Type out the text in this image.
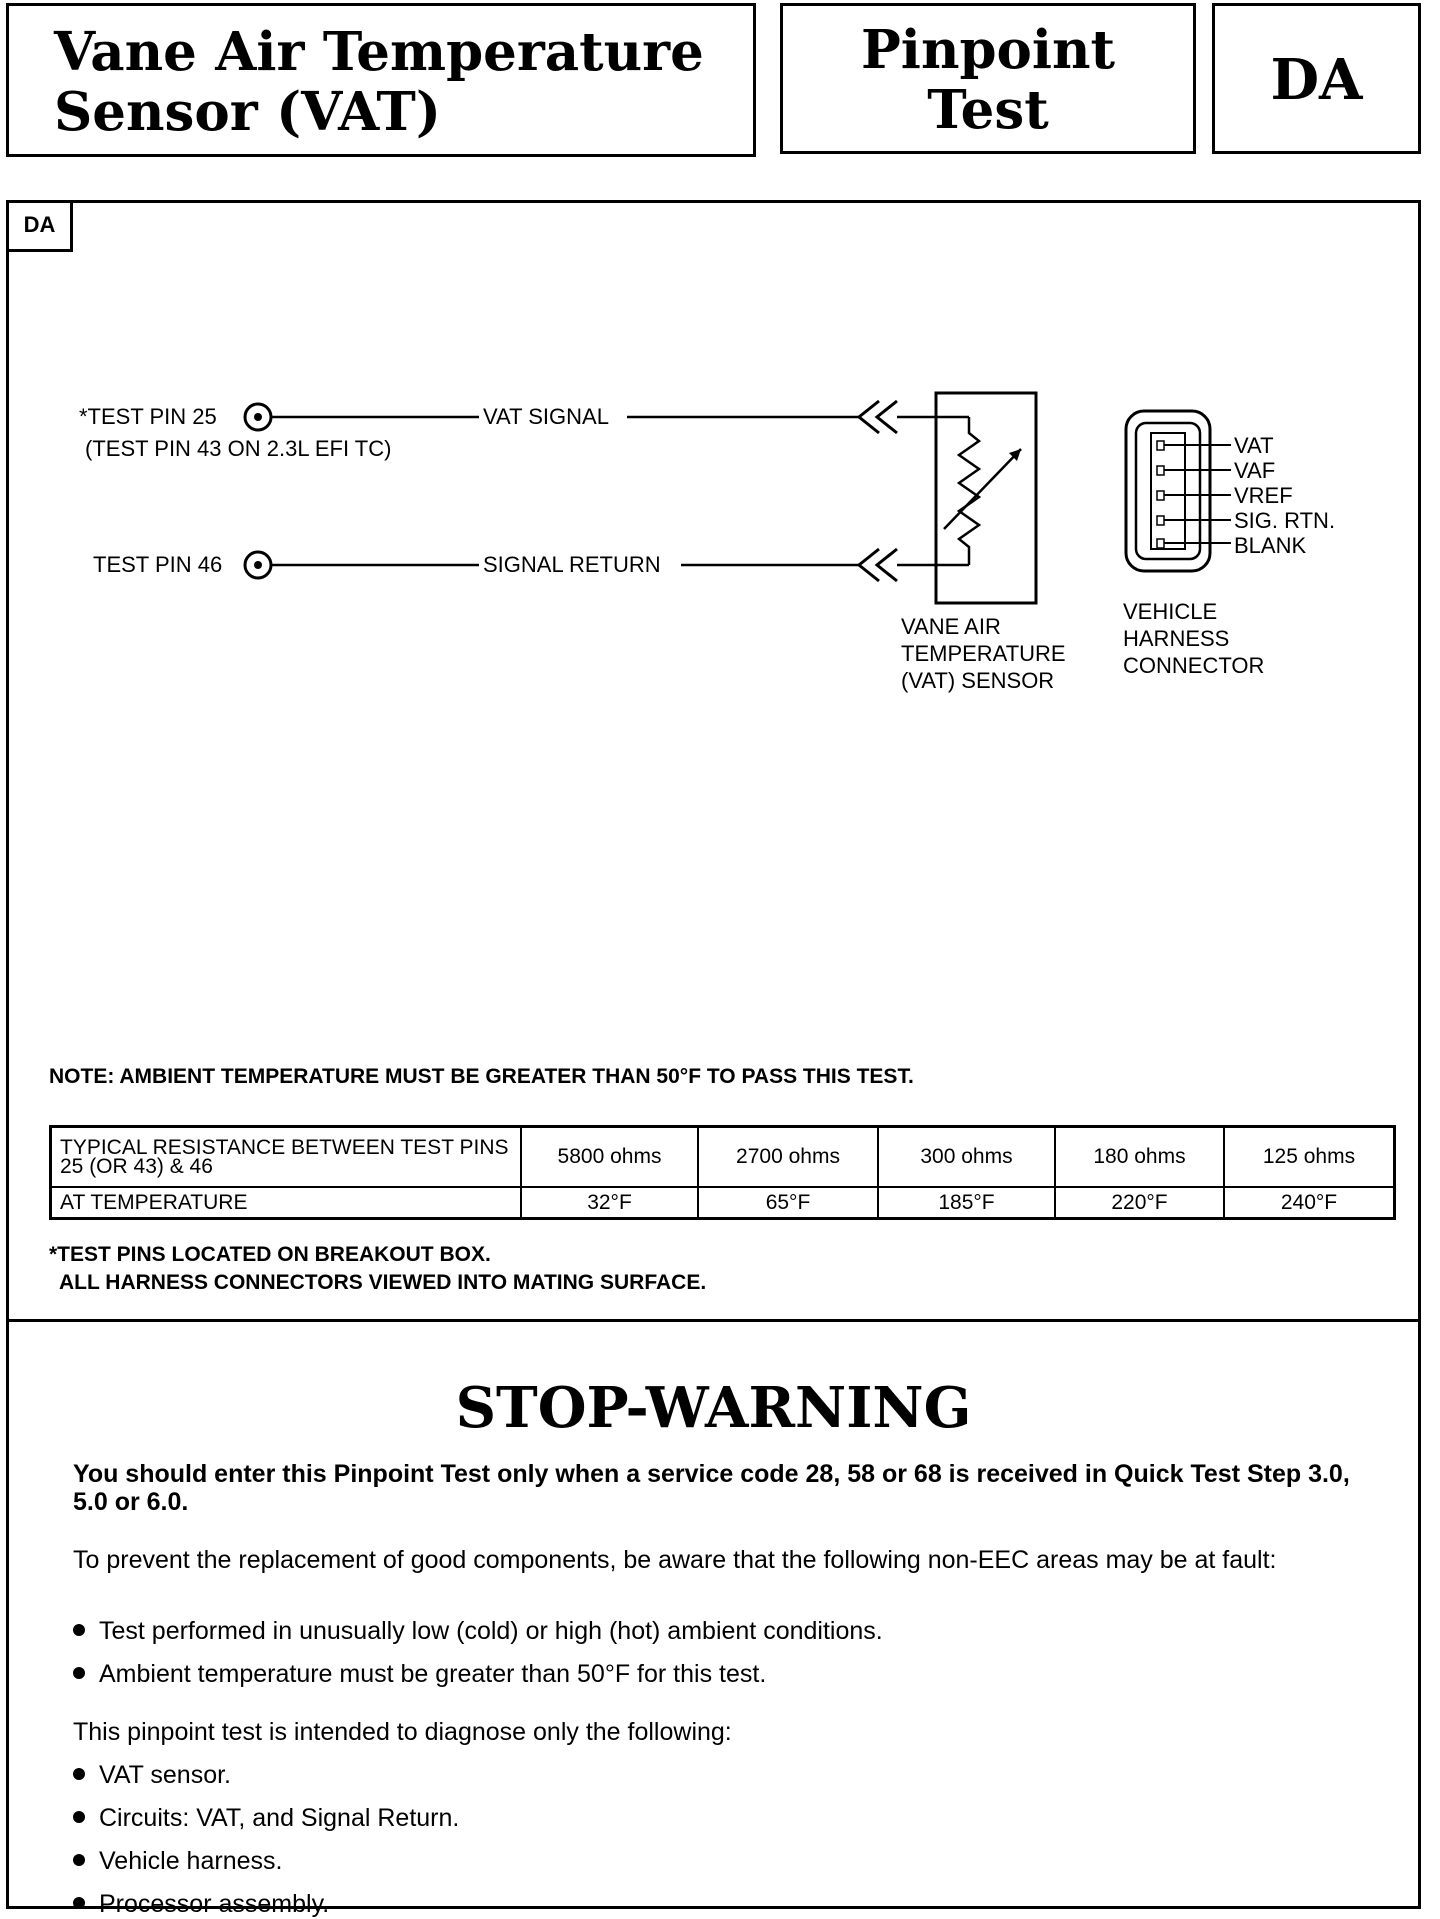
Vane Air Temperature
Sensor (VAT)
Pinpoint
Test	DA
DA
*TEST PIN 25
(TEST PIN 43 ON 2.3L EFI TC)
TEST PIN 46
VAT SIGNAL
SIGNAL RETURN
VANE AIR
TEMPERATURE
(VAT) SENSOR
VAT
VAF
VREF
SIG. RTN.
BLANK
VEHICLE
HARNESS
CONNECTOR
NOTE: AMBIENT TEMPERATURE MUST BE GREATER THAN 50°F TO PASS THIS TEST.
TYPICAL RESISTANCE BETWEEN TEST PINS 25 (OR 43) & 46	5800 ohms	2700 ohms	300 ohms	180 ohms	125 ohms
AT TEMPERATURE	32°F	65°F	185°F	220°F	240°F
*TEST PINS LOCATED ON BREAKOUT BOX.
ALL HARNESS CONNECTORS VIEWED INTO MATING SURFACE.
STOP-WARNING
You should enter this Pinpoint Test only when a service code 28, 58 or 68 is received in Quick Test Step 3.0, 5.0 or 6.0.
To prevent the replacement of good components, be aware that the following non-EEC areas may be at fault:
Test performed in unusually low (cold) or high (hot) ambient conditions.
Ambient temperature must be greater than 50°F for this test.
This pinpoint test is intended to diagnose only the following:
VAT sensor.
Circuits: VAT, and Signal Return.
Vehicle harness.
Processor assembly.
